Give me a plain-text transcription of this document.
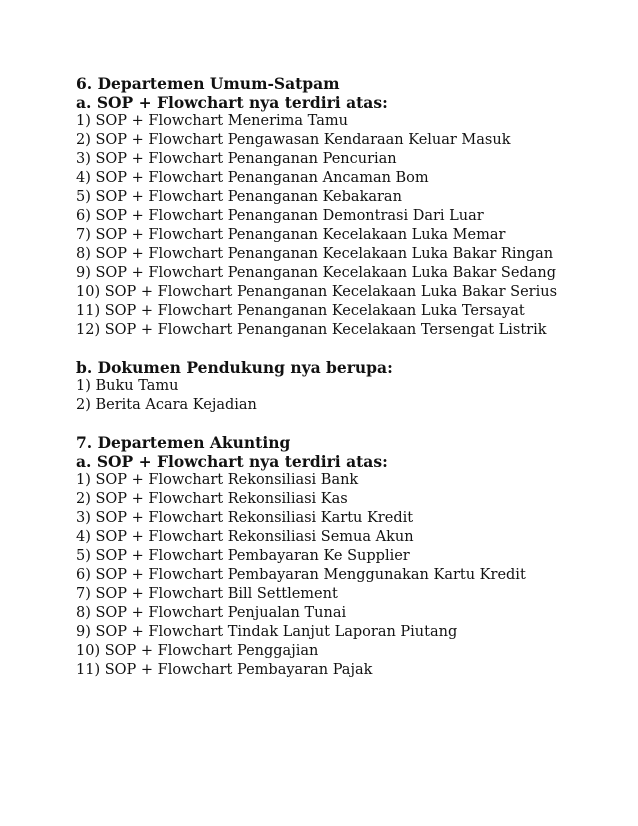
6. Departemen Umum-Satpam
a. SOP + Flowchart nya terdiri atas:
1) SOP + Flowchart Menerima Tamu
2) SOP + Flowchart Pengawasan Kendaraan Keluar Masuk
3) SOP + Flowchart Penanganan Pencurian
4) SOP + Flowchart Penanganan Ancaman Bom
5) SOP + Flowchart Penanganan Kebakaran
6) SOP + Flowchart Penanganan Demontrasi Dari Luar
7) SOP + Flowchart Penanganan Kecelakaan Luka Memar
8) SOP + Flowchart Penanganan Kecelakaan Luka Bakar Ringan
9) SOP + Flowchart Penanganan Kecelakaan Luka Bakar Sedang
10) SOP + Flowchart Penanganan Kecelakaan Luka Bakar Serius
11) SOP + Flowchart Penanganan Kecelakaan Luka Tersayat
12) SOP + Flowchart Penanganan Kecelakaan Tersengat Listrik
b. Dokumen Pendukung nya berupa:
1) Buku Tamu
2) Berita Acara Kejadian
7. Departemen Akunting
a. SOP + Flowchart nya terdiri atas:
1) SOP + Flowchart Rekonsiliasi Bank
2) SOP + Flowchart Rekonsiliasi Kas
3) SOP + Flowchart Rekonsiliasi Kartu Kredit
4) SOP + Flowchart Rekonsiliasi Semua Akun
5) SOP + Flowchart Pembayaran Ke Supplier
6) SOP + Flowchart Pembayaran Menggunakan Kartu Kredit
7) SOP + Flowchart Bill Settlement
8) SOP + Flowchart Penjualan Tunai
9) SOP + Flowchart Tindak Lanjut Laporan Piutang
10) SOP + Flowchart Penggajian
11) SOP + Flowchart Pembayaran Pajak
